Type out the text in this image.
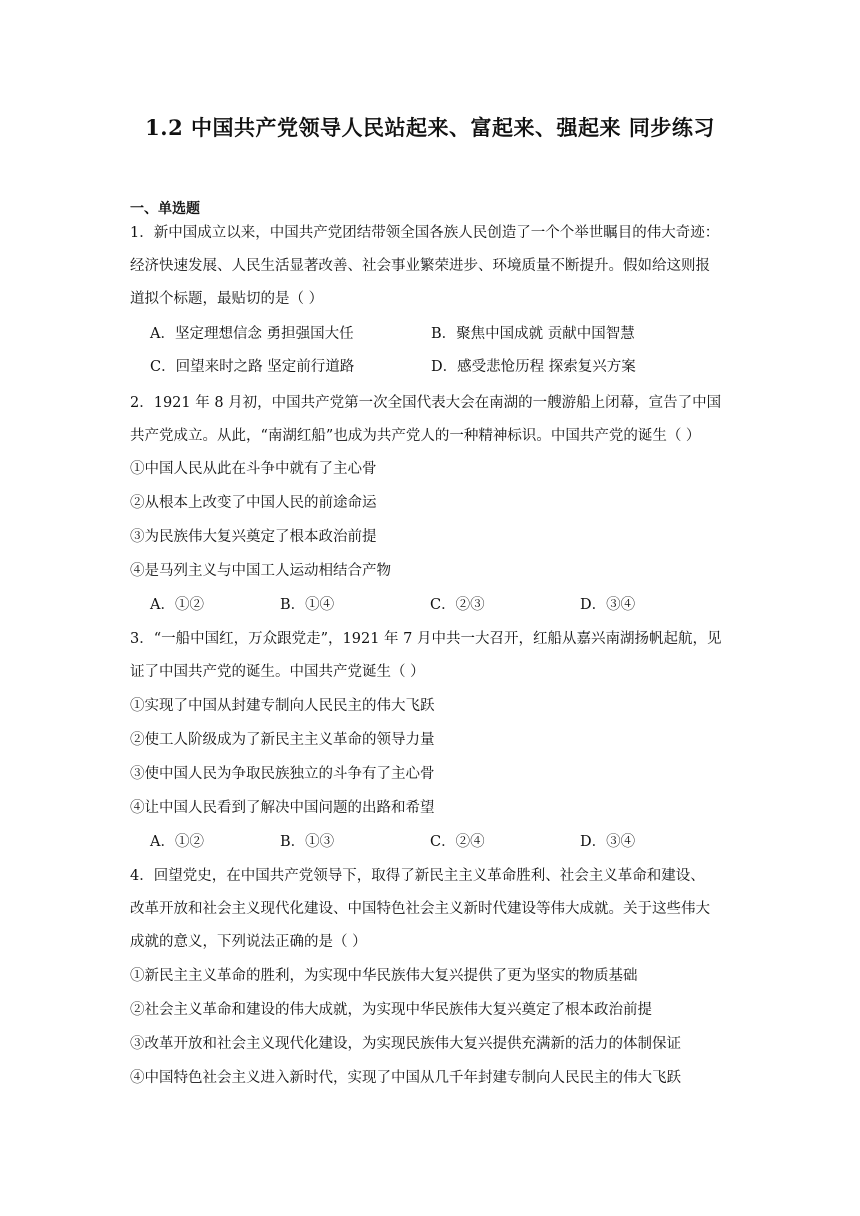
1.2 中国共产党领导人民站起来、富起来、强起来 同步练习
一、单选题
1．新中国成立以来，中国共产党团结带领全国各族人民创造了一个个举世瞩目的伟大奇迹：
经济快速发展、人民生活显著改善、社会事业繁荣进步、环境质量不断提升。假如给这则报
道拟个标题，最贴切的是（ ）
A．坚定理想信念 勇担强国大任	B．聚焦中国成就 贡献中国智慧
C．回望来时之路 坚定前行道路	D．感受悲怆历程 探索复兴方案
2．1921 年 8 月初，中国共产党第一次全国代表大会在南湖的一艘游船上闭幕，宣告了中国
共产党成立。从此，“南湖红船”也成为共产党人的一种精神标识。中国共产党的诞生（ ）
①中国人民从此在斗争中就有了主心骨
②从根本上改变了中国人民的前途命运
③为民族伟大复兴奠定了根本政治前提
④是马列主义与中国工人运动相结合产物
A．①②	B．①④	C．②③	D．③④
3．“一船中国红，万众跟党走”，1921 年 7 月中共一大召开，红船从嘉兴南湖扬帆起航，见
证了中国共产党的诞生。中国共产党诞生（ ）
①实现了中国从封建专制向人民民主的伟大飞跃
②使工人阶级成为了新民主主义革命的领导力量
③使中国人民为争取民族独立的斗争有了主心骨
④让中国人民看到了解决中国问题的出路和希望
A．①②	B．①③	C．②④	D．③④
4．回望党史，在中国共产党领导下，取得了新民主主义革命胜利、社会主义革命和建设、
改革开放和社会主义现代化建设、中国特色社会主义新时代建设等伟大成就。关于这些伟大
成就的意义，下列说法正确的是（ ）
①新民主主义革命的胜利，为实现中华民族伟大复兴提供了更为坚实的物质基础
②社会主义革命和建设的伟大成就，为实现中华民族伟大复兴奠定了根本政治前提
③改革开放和社会主义现代化建设，为实现民族伟大复兴提供充满新的活力的体制保证
④中国特色社会主义进入新时代，实现了中国从几千年封建专制向人民民主的伟大飞跃
